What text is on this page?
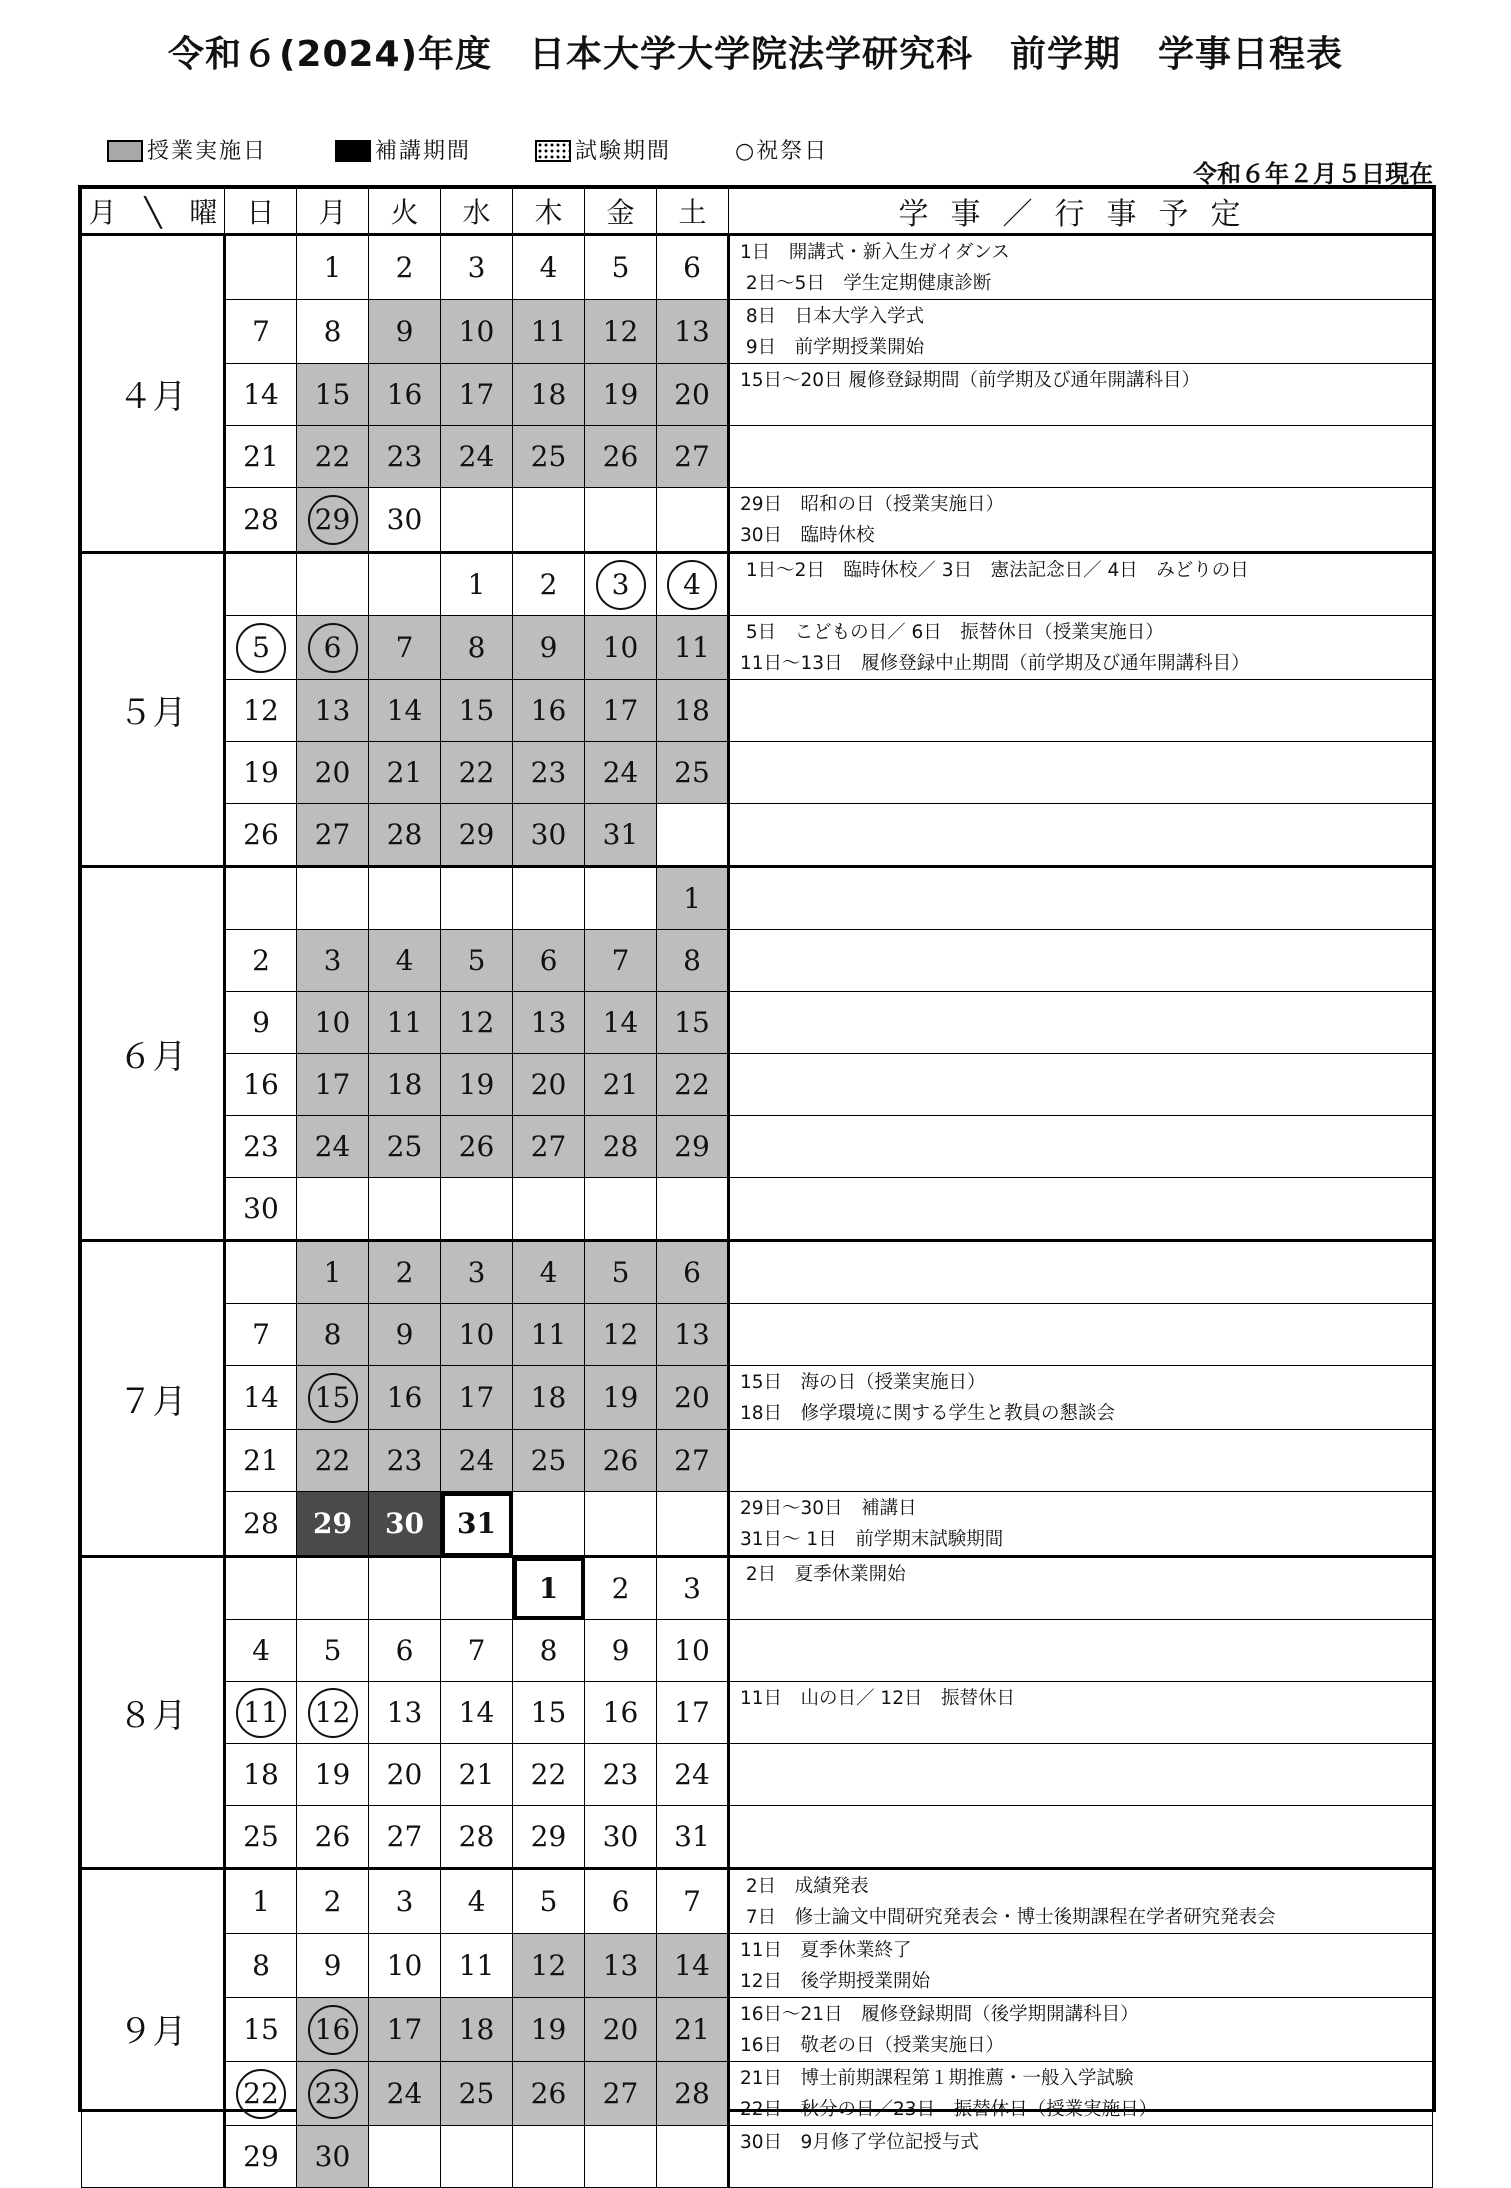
令和６(2024)年度　日本大学大学院法学研究科　前学期　学事日程表
授業実施日	補講期間	試験期間	○祝祭日
令和６年２月５日現在
月　╲　曜	日	月	火	水	木	金	土	学事／行事予定
４月		1	2	3	4	5	6	1日　開講式・新入生ガイダンス
2日～5日　学生定期健康診断
	7	8	9	10	11	12	13	8日　日本大学入学式
9日　前学期授業開始
	14	15	16	17	18	19	20	15日～20日 履修登録期間（前学期及び通年開講科目）
	21	22	23	24	25	26	27	
	28	29	30					29日　昭和の日（授業実施日）
30日　臨時休校
５月				1	2	3	4	1日～2日　臨時休校／ 3日　憲法記念日／ 4日　みどりの日
	5	6	7	8	9	10	11	5日　こどもの日／ 6日　振替休日（授業実施日）
11日～13日　履修登録中止期間（前学期及び通年開講科目）
	12	13	14	15	16	17	18	
	19	20	21	22	23	24	25	
	26	27	28	29	30	31		
６月							1	
	2	3	4	5	6	7	8	
	9	10	11	12	13	14	15	
	16	17	18	19	20	21	22	
	23	24	25	26	27	28	29	
	30							
７月		1	2	3	4	5	6	
	7	8	9	10	11	12	13	
	14	15	16	17	18	19	20	15日　海の日（授業実施日）
18日　修学環境に関する学生と教員の懇談会
	21	22	23	24	25	26	27	
	28	29	30	31				29日～30日　補講日
31日～ 1日　前学期末試験期間
８月					1	2	3	2日　夏季休業開始
	4	5	6	7	8	9	10	
	11	12	13	14	15	16	17	11日　山の日／ 12日　振替休日
	18	19	20	21	22	23	24	
	25	26	27	28	29	30	31	
９月	1	2	3	4	5	6	7	2日　成績発表
7日　修士論文中間研究発表会・博士後期課程在学者研究発表会
	8	9	10	11	12	13	14	11日　夏季休業終了
12日　後学期授業開始
	15	16	17	18	19	20	21	16日～21日　履修登録期間（後学期開講科目）
16日　敬老の日（授業実施日）
	22	23	24	25	26	27	28	21日　博士前期課程第１期推薦・一般入学試験
22日　秋分の日／23日　振替休日（授業実施日）
	29	30						30日　9月修了学位記授与式
